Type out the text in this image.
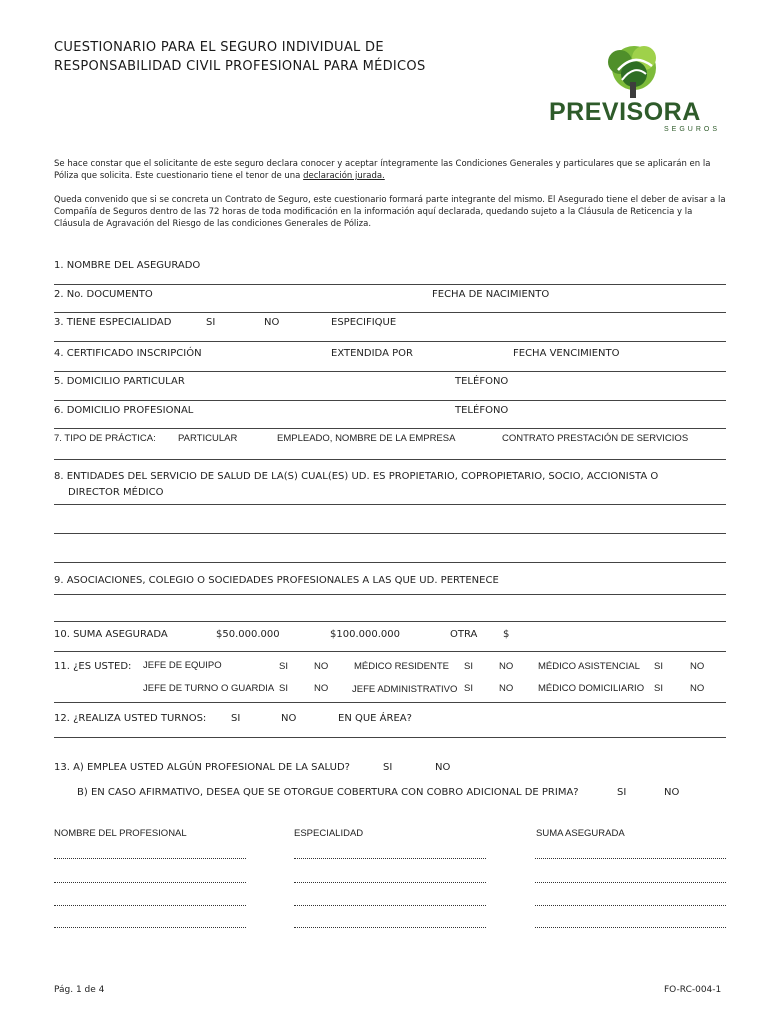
CUESTIONARIO PARA EL SEGURO INDIVIDUAL DE
RESPONSABILIDAD CIVIL PROFESIONAL PARA MÉDICOS
PREVISORA
SEGUROS
Se hace constar que el solicitante de este seguro declara conocer y aceptar íntegramente las Condiciones Generales y particulares que se aplicarán en la Póliza que solicita. Este cuestionario tiene el tenor de una declaración jurada.
Queda convenido que si se concreta un Contrato de Seguro, este cuestionario formará parte integrante del mismo. El Asegurado tiene el deber de avisar a la Compañía de Seguros dentro de las 72 horas de toda modificación en la información aquí declarada, quedando sujeto a la Cláusula de Reticencia y la Cláusula de Agravación del Riesgo de las condiciones Generales de Póliza.
1. NOMBRE DEL ASEGURADO
2. No. DOCUMENTO	FECHA DE NACIMIENTO
3. TIENE ESPECIALIDAD	SI	NO	ESPECIFIQUE
4. CERTIFICADO INSCRIPCIÓN	EXTENDIDA POR	FECHA VENCIMIENTO
5. DOMICILIO PARTICULAR	TELÉFONO
6. DOMICILIO PROFESIONAL	TELÉFONO
7. TIPO DE PRÁCTICA: PARTICULAR	EMPLEADO, NOMBRE DE LA EMPRESA	CONTRATO PRESTACIÓN DE SERVICIOS
8. ENTIDADES DEL SERVICIO DE SALUD DE LA(S) CUAL(ES) UD. ES PROPIETARIO, COPROPIETARIO, SOCIO, ACCIONISTA O
DIRECTOR MÉDICO
9. ASOCIACIONES, COLEGIO O SOCIEDADES PROFESIONALES A LAS QUE UD. PERTENECE
10. SUMA ASEGURADA	$50.000.000	$100.000.000	OTRA	$
11. ¿ES USTED: JEFE DE EQUIPO	SI	NO	MÉDICO RESIDENTE SI	NO	MÉDICO ASISTENCIAL SI	NO
JEFE DE TURNO O GUARDIA SI	NO	JEFE ADMINISTRATIVO SI	NO	MÉDICO DOMICILIARIO SI	NO
12. ¿REALIZA USTED TURNOS: SI	NO	EN QUE ÁREA?
13. A) EMPLEA USTED ALGÚN PROFESIONAL DE LA SALUD?	SI	NO
B) EN CASO AFIRMATIVO, DESEA QUE SE OTORGUE COBERTURA CON COBRO ADICIONAL DE PRIMA?	SI	NO
NOMBRE DEL PROFESIONAL	ESPECIALIDAD	SUMA ASEGURADA
Pág. 1 de 4	FO-RC-004-1
